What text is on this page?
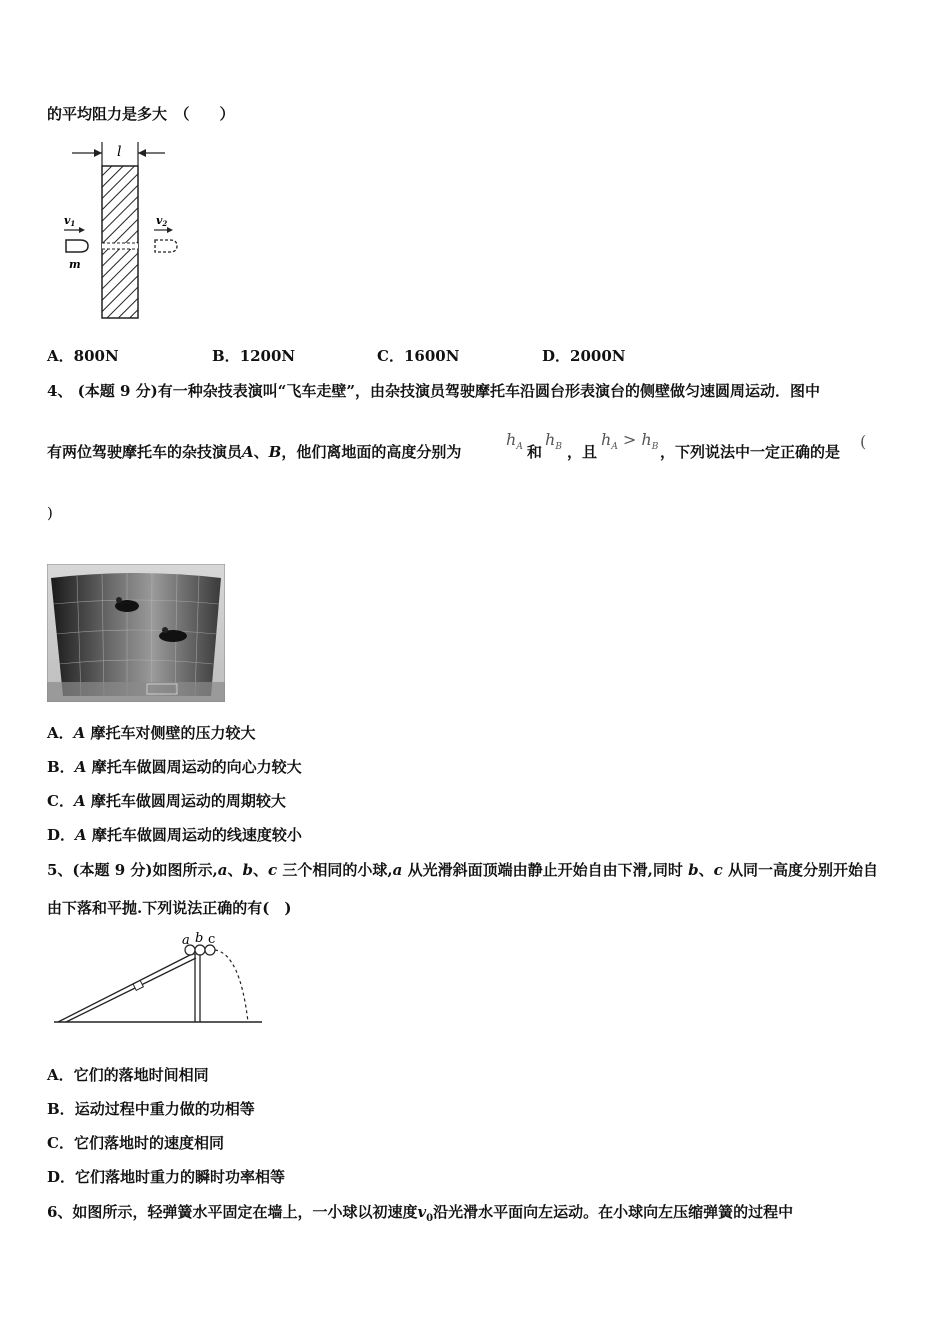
的平均阻力是多大　（　　）
l
v1
m
v2
A．800N	B．1200N	C．1600N	D．2000N
4、 (本题 9 分)有一种杂技表演叫“飞车走壁”，由杂技演员驾驶摩托车沿圆台形表演台的侧壁做匀速圆周运动．图中
有两位驾驶摩托车的杂技演员A、B，他们离地面的高度分别为
$h_A$ 和
$h_B$ ，且
$h_A > h_B$ ，下列说法中一定正确的是
(
)
A．A 摩托车对侧壁的压力较大
B．A 摩托车做圆周运动的向心力较大
C．A 摩托车做圆周运动的周期较大
D．A 摩托车做圆周运动的线速度较小
5、(本题 9 分)如图所示,a、b、c 三个相同的小球,a 从光滑斜面顶端由静止开始自由下滑,同时 b、c 从同一高度分别开始自
由下落和平抛.下列说法正确的有(　)
a b c
A．它们的落地时间相同
B．运动过程中重力做的功相等
C．它们落地时的速度相同
D．它们落地时重力的瞬时功率相等
6、如图所示，轻弹簧水平固定在墙上，一小球以初速度$v_0$沿光滑水平面向左运动。在小球向左压缩弹簧的过程中
